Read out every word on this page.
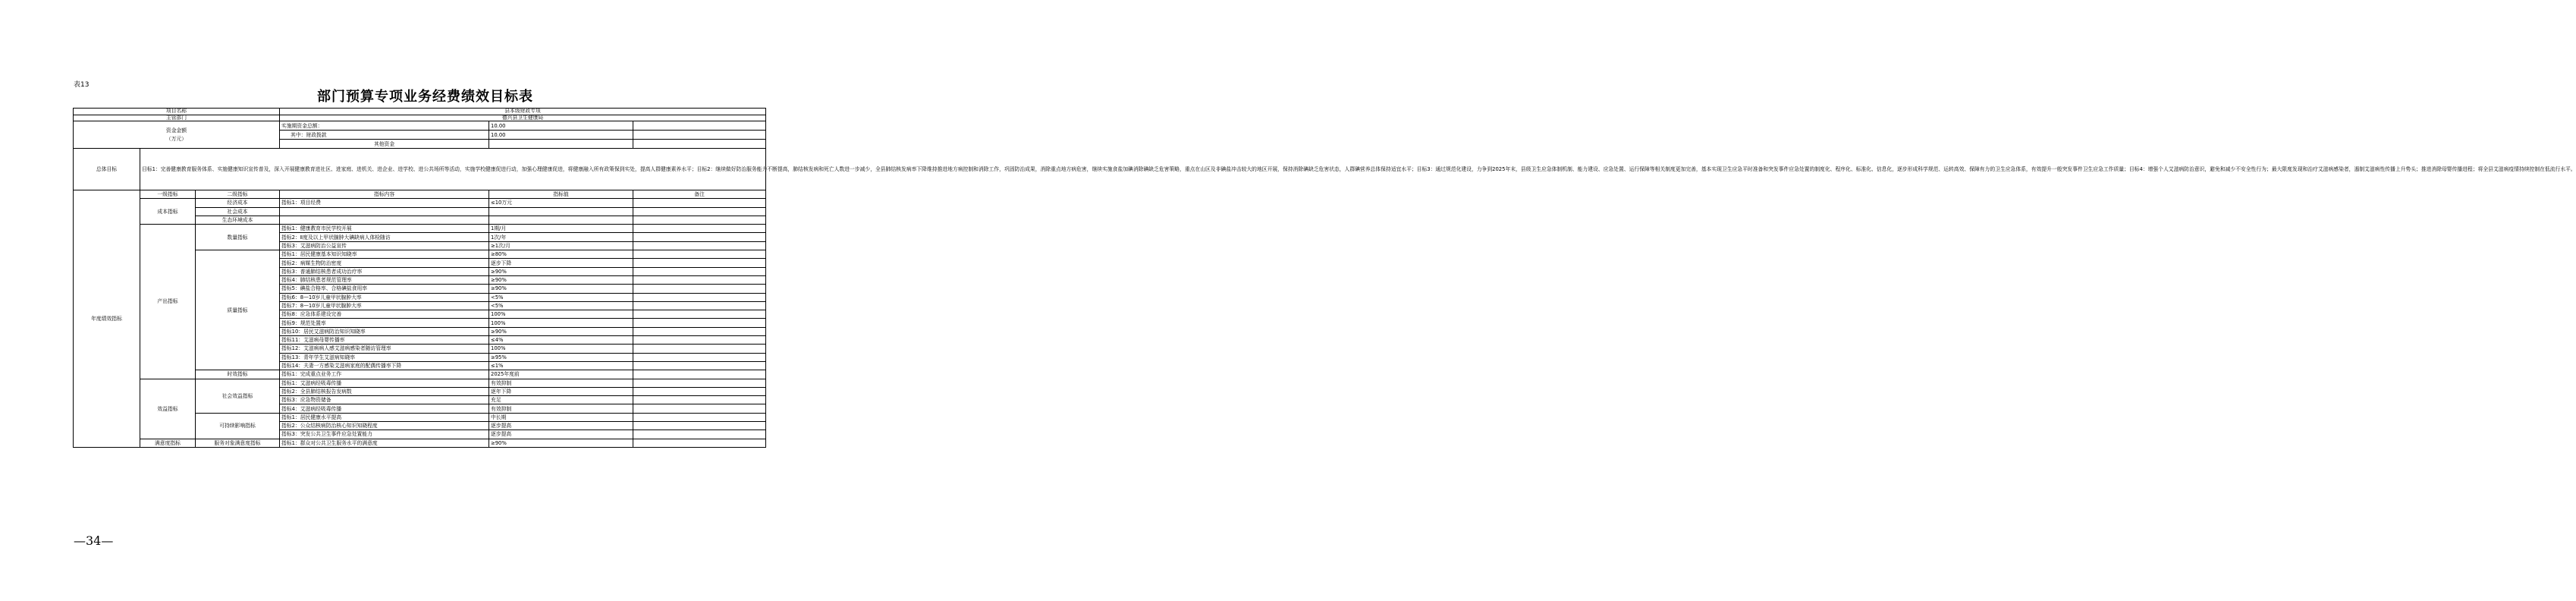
表13
部门预算专项业务经费绩效目标表
项目名称			县本级财政专项		
主管部门			德兴县卫生健康局		

资金金额
（万元）			实施期资金总额：	10.00	
			其中：财政拨款	10.00	
			其他资金		
总体目标	目标1：完善健康教育服务体系、实施健康知识宣传普及，深入开展健康教育进社区、进家庭、进机关、进企业、进学校、进公共场所等活动，实施学校健康促进行动，加强心理健康促进，将健康融入所有政策保到实处，提高人群健康素养水平；目标2：继续做好防治服务能力不断提高，肺结核发病和死亡人数进一步减少，全县肺结核发病率下降维持推进地方病控制和消除工作，巩固防治成果，消除重点地方病危害，继续实施食盐加碘消除碘缺乏危害策略，重点在山区及非碘盐冲击较大的地区开展，保持消除碘缺乏危害状态，人群碘营养总体保持适宜水平；目标3：通过规范化建设，力争到2025年末，县级卫生应急体制机制、能力建设、应急处置、运行保障等相关制度更加完善，基本实现卫生应急平时准备和突发事件应急处置的制度化、程序化、标准化、信息化，逐步形成科学规范、运转高效、保障有力的卫生应急体系，有效提升一般突发事件卫生应急工作质量；目标4：增强个人艾滋病防治意识，避免和减少不安全性行为；最大限度发现和治疗艾滋病感染者，遏制艾滋病性传播上升势头；推进消除母婴传播进程；将全县艾滋病疫情持续控制在低流行水平。				
年度绩效指标	一级指标	二级指标	指标内容	指标值	备注
	成本指标	经济成本	指标1：项目经费	≤10万元	
		社会成本			
		生态环境成本			
	产出指标	数量指标	指标1：健康教育市民学校开展	1期/月	
			指标2：Ⅱ度及以上甲状腺肿大碘缺病人体检随访	1次/年	
			指标3：艾滋病防治公益宣传	≥1次/月	
		质量指标	指标1：居民健康基本知识知晓率	≥80%	
			指标2：病媒生物防治密度	逐步下降	
			指标3：普通肺结核患者成功治疗率	≥90%	
			指标4：肺结核患者规范管理率	≥90%	
			指标5：碘盐合格率、合格碘盐食用率	≥90%	
			指标6：8—10岁儿童甲状腺肿大率	<5%	
			指标7：8—10岁儿童甲状腺肿大率	<5%	
			指标8：应急体系建设完善	100%	
			指标9：规范处置率	100%	
			指标10：居民艾滋病防治知识知晓率	≥90%	
			指标11：艾滋病母婴传播率	≤4%	
			指标12：艾滋病病人感艾滋病感染者随访管理率	100%	
			指标13：青年学生艾滋病知晓率	≥95%	
			指标14：夫妻一方感染艾滋病家庭的配偶传播率下降	≤1%	
		时效指标	指标1：完成重点业务工作	2025年度前	
	效益指标	社会效益指标	指标1：艾滋病经吸毒传播	有效抑制	
			指标2：全县肺结核报告发病数	逐年下降	
			指标3：应急物资储备	充足	
			指标4：艾滋病经吸毒传播	有效抑制	
		可持续影响指标	指标1：居民健康水平提高	中长期	
			指标2：公众结核病防治核心知识知晓程度	逐步提高	
			指标3：突发公共卫生事件应急处置能力	逐步提高	
	满意度指标	服务对象满意度指标	指标1：群众对公共卫生服务水平的满意度	≥90%	
—34—
